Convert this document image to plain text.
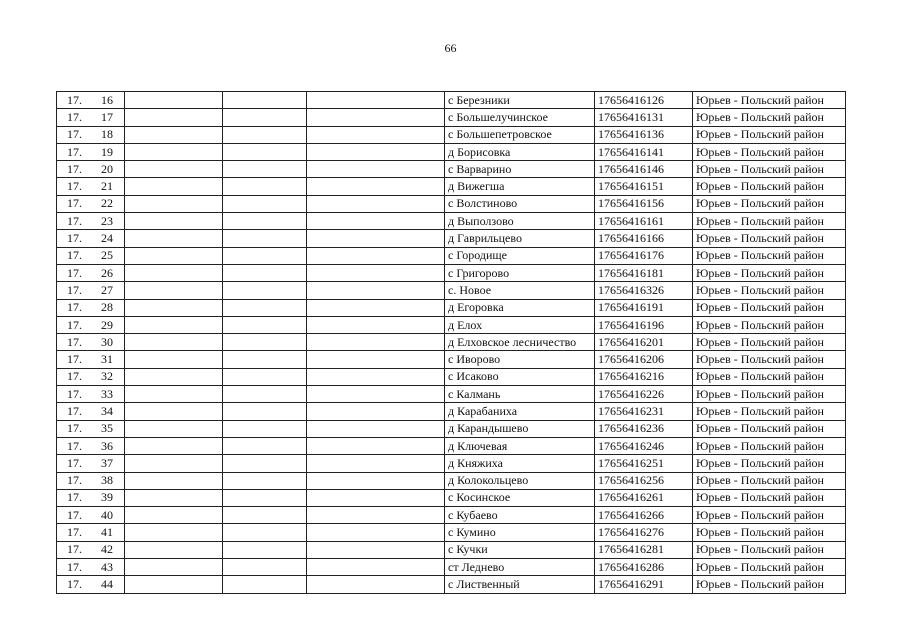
66
17. 16				с Березники	17656416126	Юрьев - Польский район
17. 17				с Большелучинское	17656416131	Юрьев - Польский район
17. 18				с Большепетровское	17656416136	Юрьев - Польский район
17. 19				д Борисовка	17656416141	Юрьев - Польский район
17. 20				с Варварино	17656416146	Юрьев - Польский район
17. 21				д Вижегша	17656416151	Юрьев - Польский район
17. 22				с Волстиново	17656416156	Юрьев - Польский район
17. 23				д Выползово	17656416161	Юрьев - Польский район
17. 24				д Гаврильцево	17656416166	Юрьев - Польский район
17. 25				с Городище	17656416176	Юрьев - Польский район
17. 26				с Григорово	17656416181	Юрьев - Польский район
17. 27				с. Новое	17656416326	Юрьев - Польский район
17. 28				д Егоровка	17656416191	Юрьев - Польский район
17. 29				д Елох	17656416196	Юрьев - Польский район
17. 30				д Елховское лесничество	17656416201	Юрьев - Польский район
17. 31				с Иворово	17656416206	Юрьев - Польский район
17. 32				с Исаково	17656416216	Юрьев - Польский район
17. 33				с Калмань	17656416226	Юрьев - Польский район
17. 34				д Карабаниха	17656416231	Юрьев - Польский район
17. 35				д Карандышево	17656416236	Юрьев - Польский район
17. 36				д Ключевая	17656416246	Юрьев - Польский район
17. 37				д Княжиха	17656416251	Юрьев - Польский район
17. 38				д Колокольцево	17656416256	Юрьев - Польский район
17. 39				с Косинское	17656416261	Юрьев - Польский район
17. 40				с Кубаево	17656416266	Юрьев - Польский район
17. 41				с Кумино	17656416276	Юрьев - Польский район
17. 42				с Кучки	17656416281	Юрьев - Польский район
17. 43				ст Леднево	17656416286	Юрьев - Польский район
17. 44				с Лиственный	17656416291	Юрьев - Польский район
